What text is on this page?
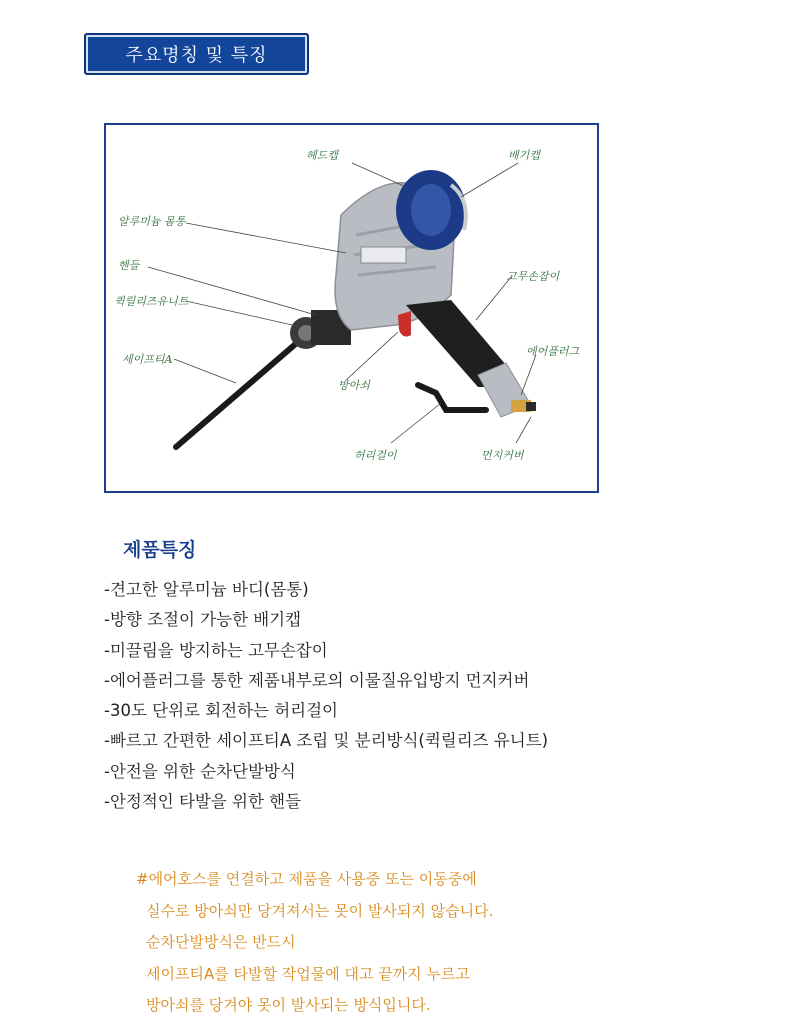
주요명칭 및 특징
헤드캡	배기캡
알루미늄 몸통
핸들
퀵릴리즈유니트
세이프티A
고무손잡이
에어플러그
방아쇠
허리걸이	먼지커버
제품특징
-견고한 알루미늄 바디(몸통)
-방향 조절이 가능한 배기캡
-미끌림을 방지하는 고무손잡이
-에어플러그를 통한 제품내부로의 이물질유입방지 먼지커버
-30도 단위로 회전하는 허리걸이
-빠르고 간편한 세이프티A 조립 및 분리방식(퀵릴리즈 유니트)
-안전을 위한 순차단발방식
-안정적인 타발을 위한 핸들
#에어호스를 연결하고 제품을 사용중 또는 이동중에
실수로 방아쇠만 당겨져서는 못이 발사되지 않습니다.
순차단발방식은 반드시
세이프티A를 타발할 작업물에 대고 끝까지 누르고
방아쇠를 당겨야 못이 발사되는 방식입니다.
